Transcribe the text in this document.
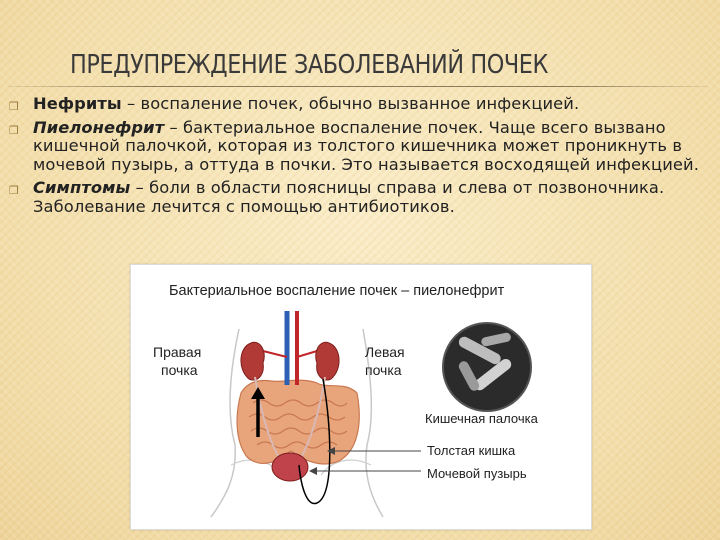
ПРЕДУПРЕЖДЕНИЕ ЗАБОЛЕВАНИЙ ПОЧЕК
❒ Нефриты – воспаление почек, обычно вызванное инфекцией.
❒ Пиелонефрит – бактериальное воспаление почек. Чаще всего вызвано кишечной палочкой, которая из толстого кишечника может проникнуть в мочевой пузырь, а оттуда в почки. Это называется восходящей инфекцией.
❒ Симптомы – боли в области поясницы справа и слева от позвоночника. Заболевание лечится с помощью антибиотиков.
Бактериальное воспаление почек – пиелонефрит
Правая
почка
Левая
почка
Кишечная палочка
Толстая кишка
Мочевой пузырь
